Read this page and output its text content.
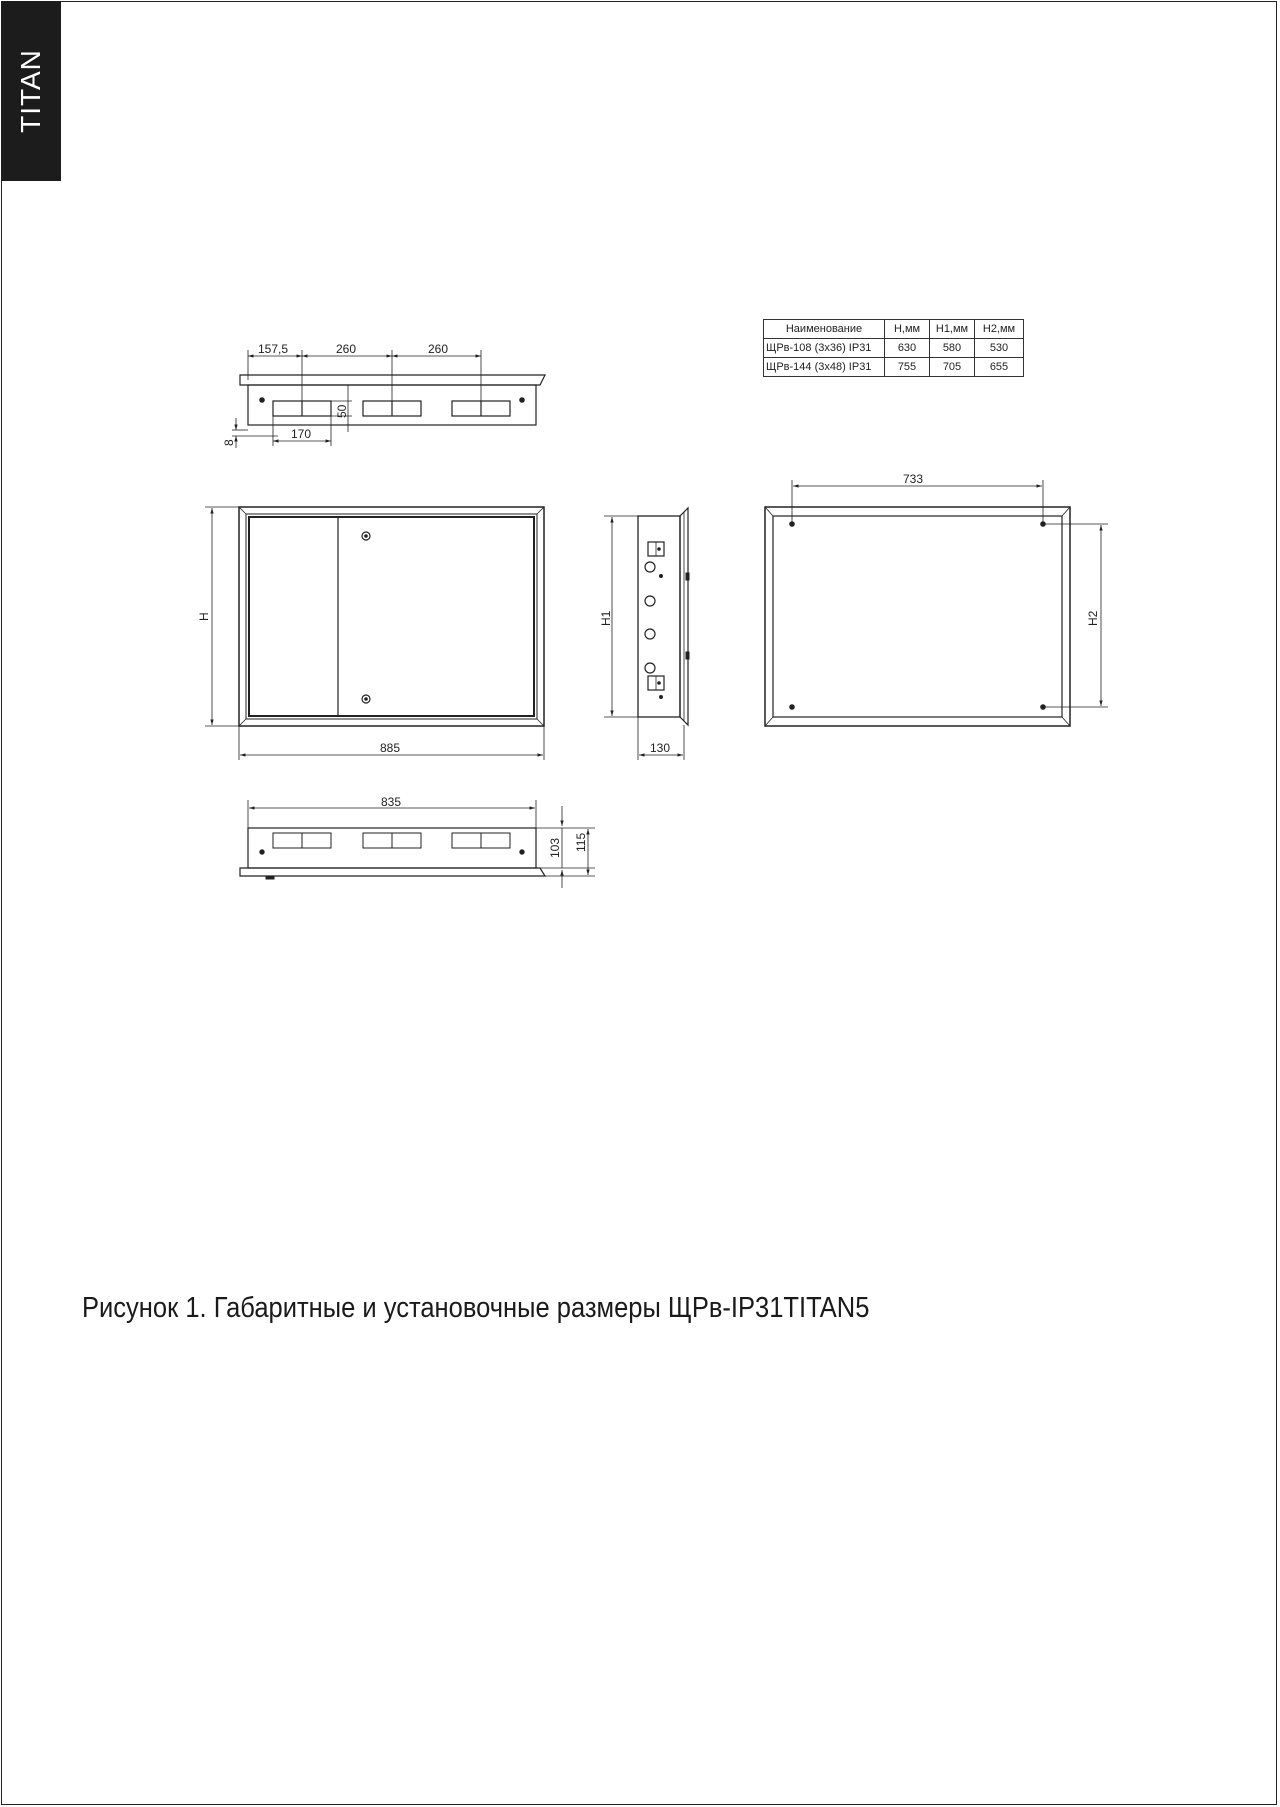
TITAN
Наименование	H,мм	H1,мм	H2,мм
ЩРв-108 (3х36) IP31	630	580	530
ЩРв-144 (3х48) IP31	755	705	655
157,5	260	260
170
50
8
H
885
H1
130
733
H2
835
103 115
Рисунок 1. Габаритные и установочные размеры ЩРв-IP31TITAN5
